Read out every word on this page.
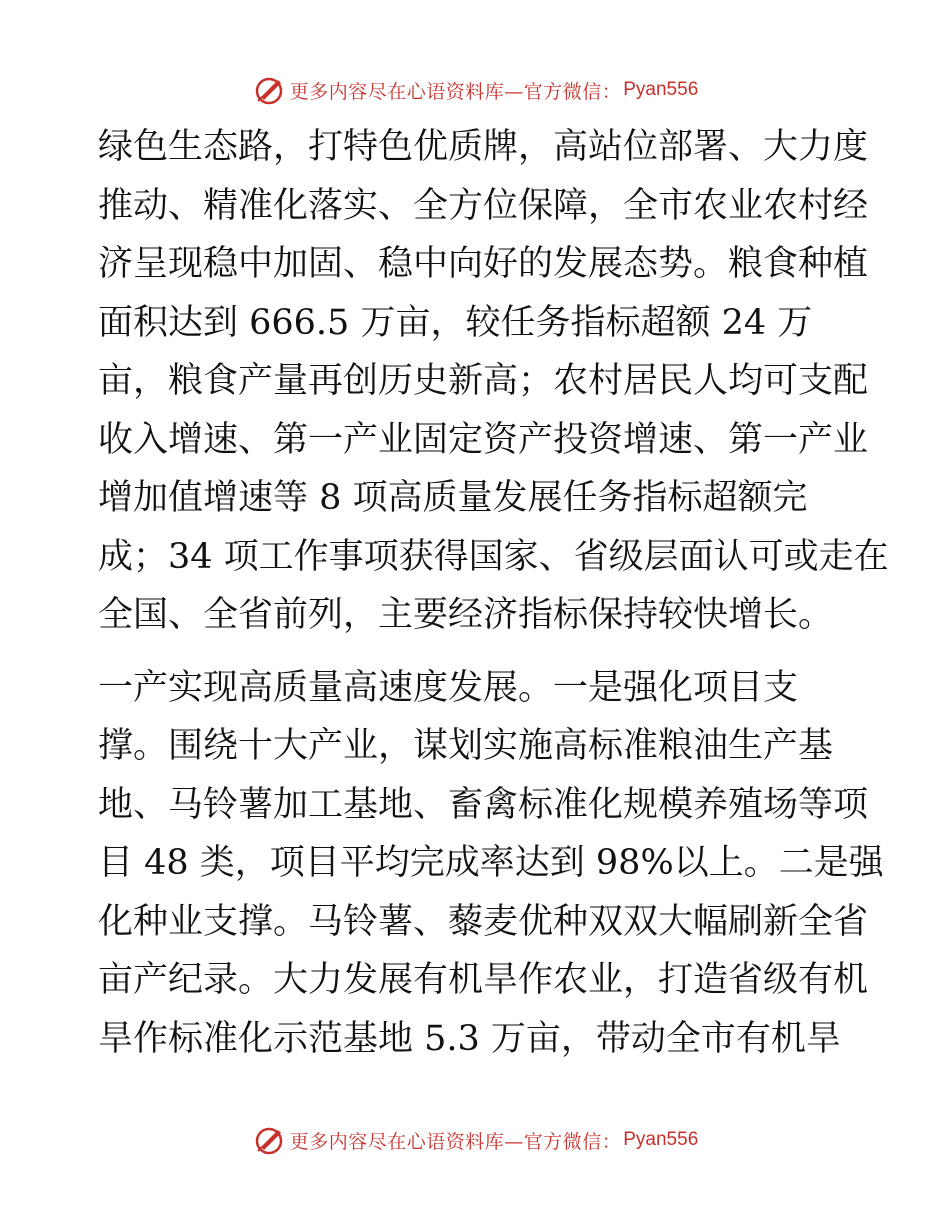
更多内容尽在心语资料库—官方微信： Pyan556

绿色生态路，打特色优质牌，高站位部署、大力度
推动、精准化落实、全方位保障，全市农业农村经
济呈现稳中加固、稳中向好的发展态势。粮食种植
面积达到 666.5 万亩，较任务指标超额 24 万
亩，粮食产量再创历史新高；农村居民人均可支配
收入增速、第一产业固定资产投资增速、第一产业
增加值增速等 8 项高质量发展任务指标超额完
成；34 项工作事项获得国家、省级层面认可或走在
全国、全省前列，主要经济指标保持较快增长。

一产实现高质量高速度发展。一是强化项目支
撑。围绕十大产业，谋划实施高标准粮油生产基
地、马铃薯加工基地、畜禽标准化规模养殖场等项
目 48 类，项目平均完成率达到 98%以上。二是强
化种业支撑。马铃薯、藜麦优种双双大幅刷新全省
亩产纪录。大力发展有机旱作农业，打造省级有机
旱作标准化示范基地 5.3 万亩，带动全市有机旱

更多内容尽在心语资料库—官方微信： Pyan556
